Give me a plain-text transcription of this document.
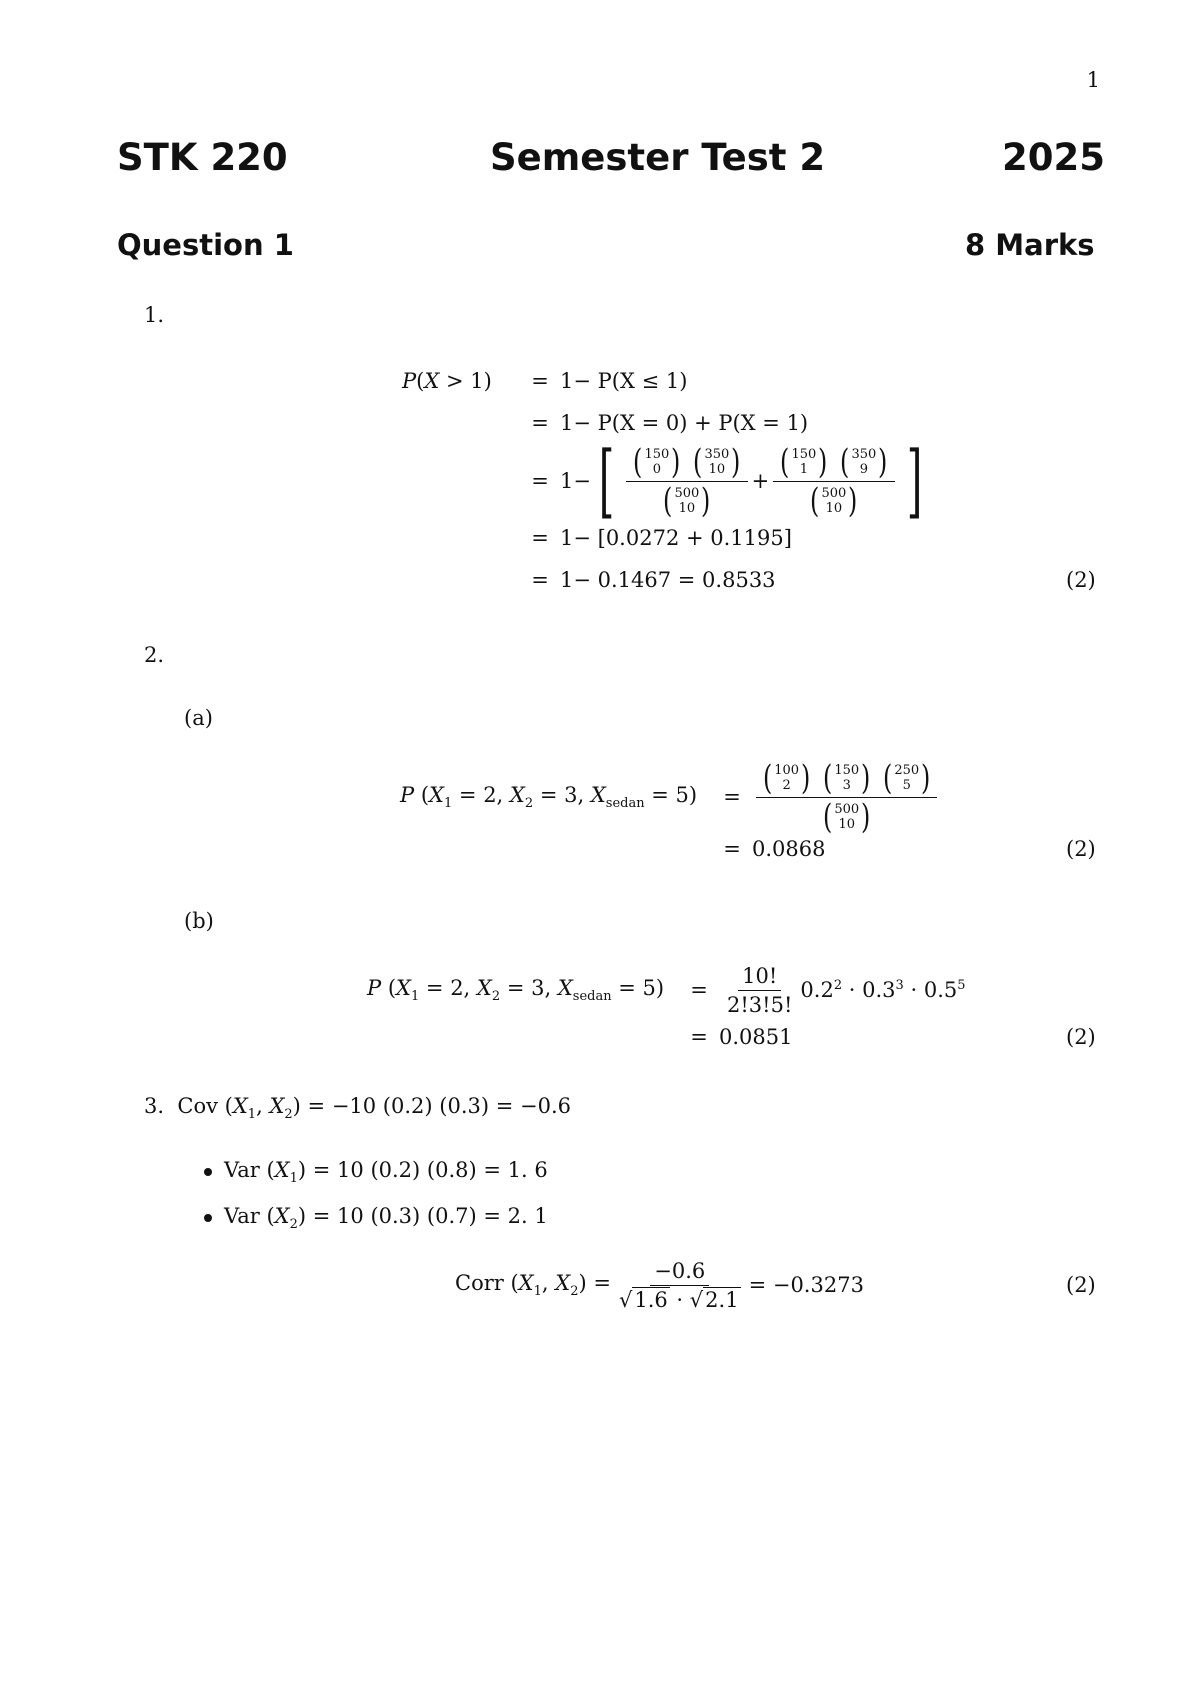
1
STK 220	Semester Test 2	2025
Question 1	8 Marks
1.
P(X > 1)	= 1− P(X ≤ 1)
= 1− P(X = 0) + P(X = 1)
= 1− [ ( 150
0 )
( 350
10 )
( 500
10 ) + ( 150
1 )
( 350
9 )
( 500
10 ) ]
= 1− [0.0272 + 0.1195]
= 1− 0.1467 = 0.8533	(2)
2.
(a)
P ($X_1 = 2$, $X_2 = 3$, $X_{sedan} = 5$)	= ( 100
2 )
( 150
3 )
( 250
5 )
( 500
10 )
= 0.0868	(2)
(b)
P ($X_1 = 2$, $X_2 = 3$, $X_{sedan} = 5$)	= $\frac{10!}{2!3!5!} 0.2^2 \cdot 0.3^3 \cdot 0.5^5$
= 0.0851	(2)
3.  Cov ($X_1$, $X_2) = -10$ (0.2) (0.3) = −0.6
Var $(X_1) = 10$ (0.2) (0.8) = 1. 6
Var $(X_2) = 10$ (0.3) (0.7) = 2. 1
Corr ($X_1$, $X_2) = \frac{-0.6}{√1.6 \cdot √2.1} = -0.3273$	(2)
